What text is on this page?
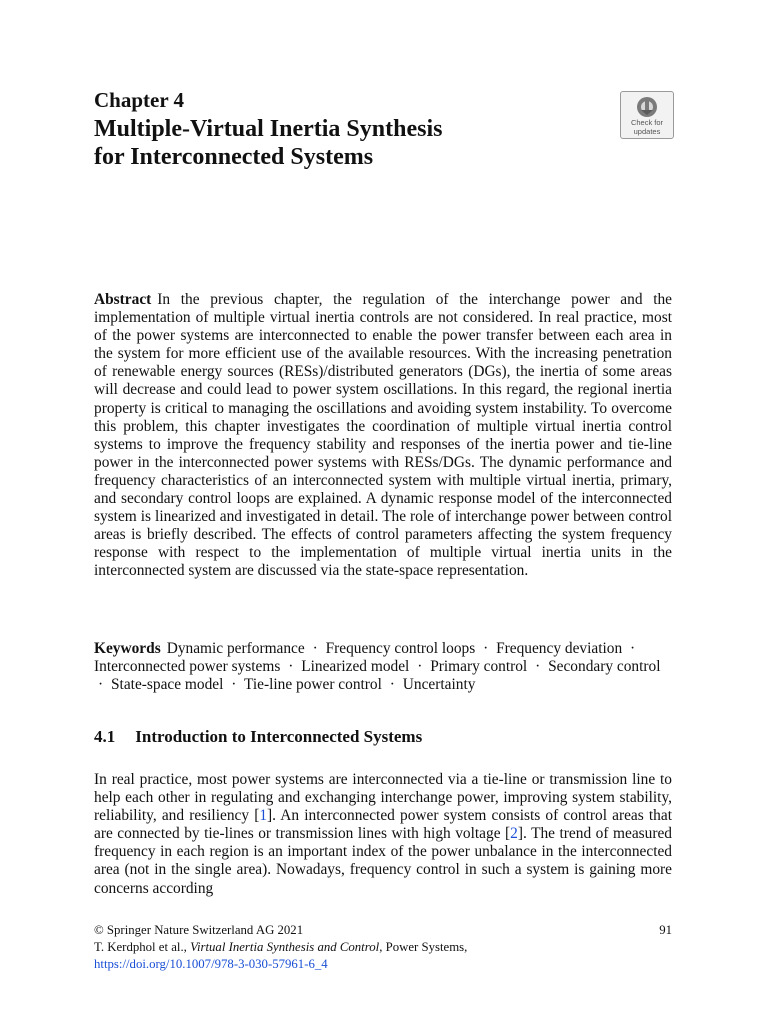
Chapter 4
Multiple-Virtual Inertia Synthesis
for Interconnected Systems
Check for
updates
Abstract In the previous chapter, the regulation of the interchange power and the implementation of multiple virtual inertia controls are not considered. In real practice, most of the power systems are interconnected to enable the power transfer between each area in the system for more efficient use of the available resources. With the increasing penetration of renewable energy sources (RESs)/distributed generators (DGs), the inertia of some areas will decrease and could lead to power system oscillations. In this regard, the regional inertia property is critical to managing the oscillations and avoiding system instability. To overcome this problem, this chapter investigates the coordination of multiple virtual inertia control systems to improve the frequency stability and responses of the inertia power and tie-line power in the interconnected power systems with RESs/DGs. The dynamic performance and frequency characteristics of an interconnected system with multiple virtual inertia, primary, and secondary control loops are explained. A dynamic response model of the interconnected system is linearized and investigated in detail. The role of interchange power between control areas is briefly described. The effects of control parameters affecting the system frequency response with respect to the implementation of multiple virtual inertia units in the interconnected system are discussed via the state-space representation.
Keywords Dynamic performance · Frequency control loops · Frequency deviation · Interconnected power systems · Linearized model · Primary control · Secondary control · State-space model · Tie-line power control · Uncertainty
4.1 Introduction to Interconnected Systems
In real practice, most power systems are interconnected via a tie-line or transmission line to help each other in regulating and exchanging interchange power, improving system stability, reliability, and resiliency [1]. An interconnected power system consists of control areas that are connected by tie-lines or transmission lines with high voltage [2]. The trend of measured frequency in each region is an important index of the power unbalance in the interconnected area (not in the single area). Nowadays, frequency control in such a system is gaining more concerns according
© Springer Nature Switzerland AG 2021	91
T. Kerdphol et al., Virtual Inertia Synthesis and Control, Power Systems,
https://doi.org/10.1007/978-3-030-57961-6_4
